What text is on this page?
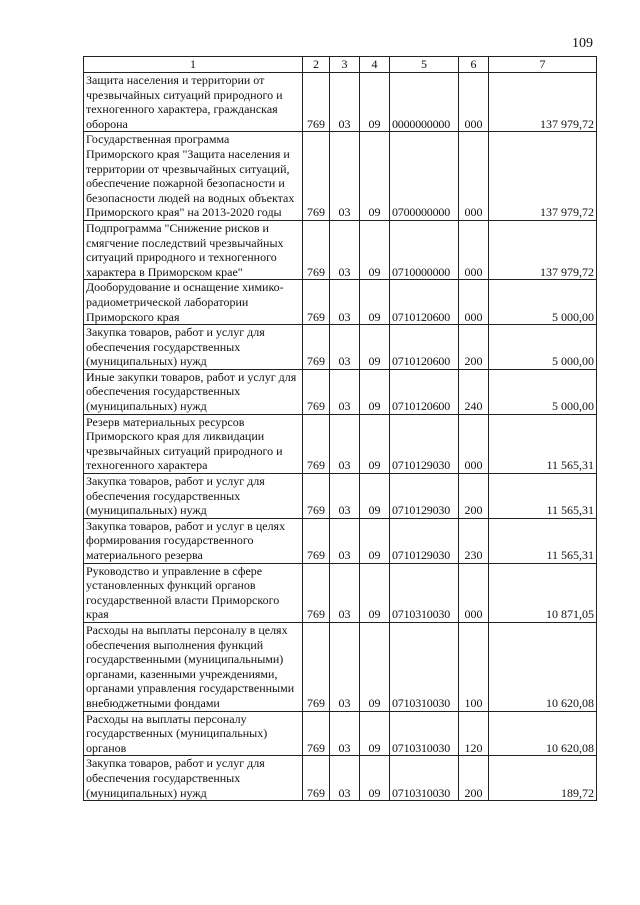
109
1	2	3	4	5	6	7
Защита населения и территории от чрезвычайных ситуаций природного и техногенного характера, гражданская оборона	769	03	09	0000000000	000	137 979,72
Государственная программа Приморского края "Защита населения и территории от чрезвычайных ситуаций, обеспечение пожарной безопасности и безопасности людей на водных объектах Приморского края" на 2013-2020 годы	769	03	09	0700000000	000	137 979,72
Подпрограмма "Снижение рисков и смягчение последствий чрезвычайных ситуаций природного и техногенного характера в Приморском крае"	769	03	09	0710000000	000	137 979,72
Дооборудование и оснащение химико-радиометрической лаборатории Приморского края	769	03	09	0710120600	000	5 000,00
Закупка товаров, работ и услуг для обеспечения государственных (муниципальных) нужд	769	03	09	0710120600	200	5 000,00
Иные закупки товаров, работ и услуг для обеспечения государственных (муниципальных) нужд	769	03	09	0710120600	240	5 000,00
Резерв материальных ресурсов Приморского края для ликвидации чрезвычайных ситуаций природного и техногенного характера	769	03	09	0710129030	000	11 565,31
Закупка товаров, работ и услуг для обеспечения государственных (муниципальных) нужд	769	03	09	0710129030	200	11 565,31
Закупка товаров, работ и услуг в целях формирования государственного материального резерва	769	03	09	0710129030	230	11 565,31
Руководство и управление в сфере установленных функций органов государственной власти Приморского края	769	03	09	0710310030	000	10 871,05
Расходы на выплаты персоналу в целях обеспечения выполнения функций государственными (муниципальными) органами, казенными учреждениями, органами управления государственными внебюджетными фондами	769	03	09	0710310030	100	10 620,08
Расходы на выплаты персоналу государственных (муниципальных) органов	769	03	09	0710310030	120	10 620,08
Закупка товаров, работ и услуг для обеспечения государственных (муниципальных) нужд	769	03	09	0710310030	200	189,72
